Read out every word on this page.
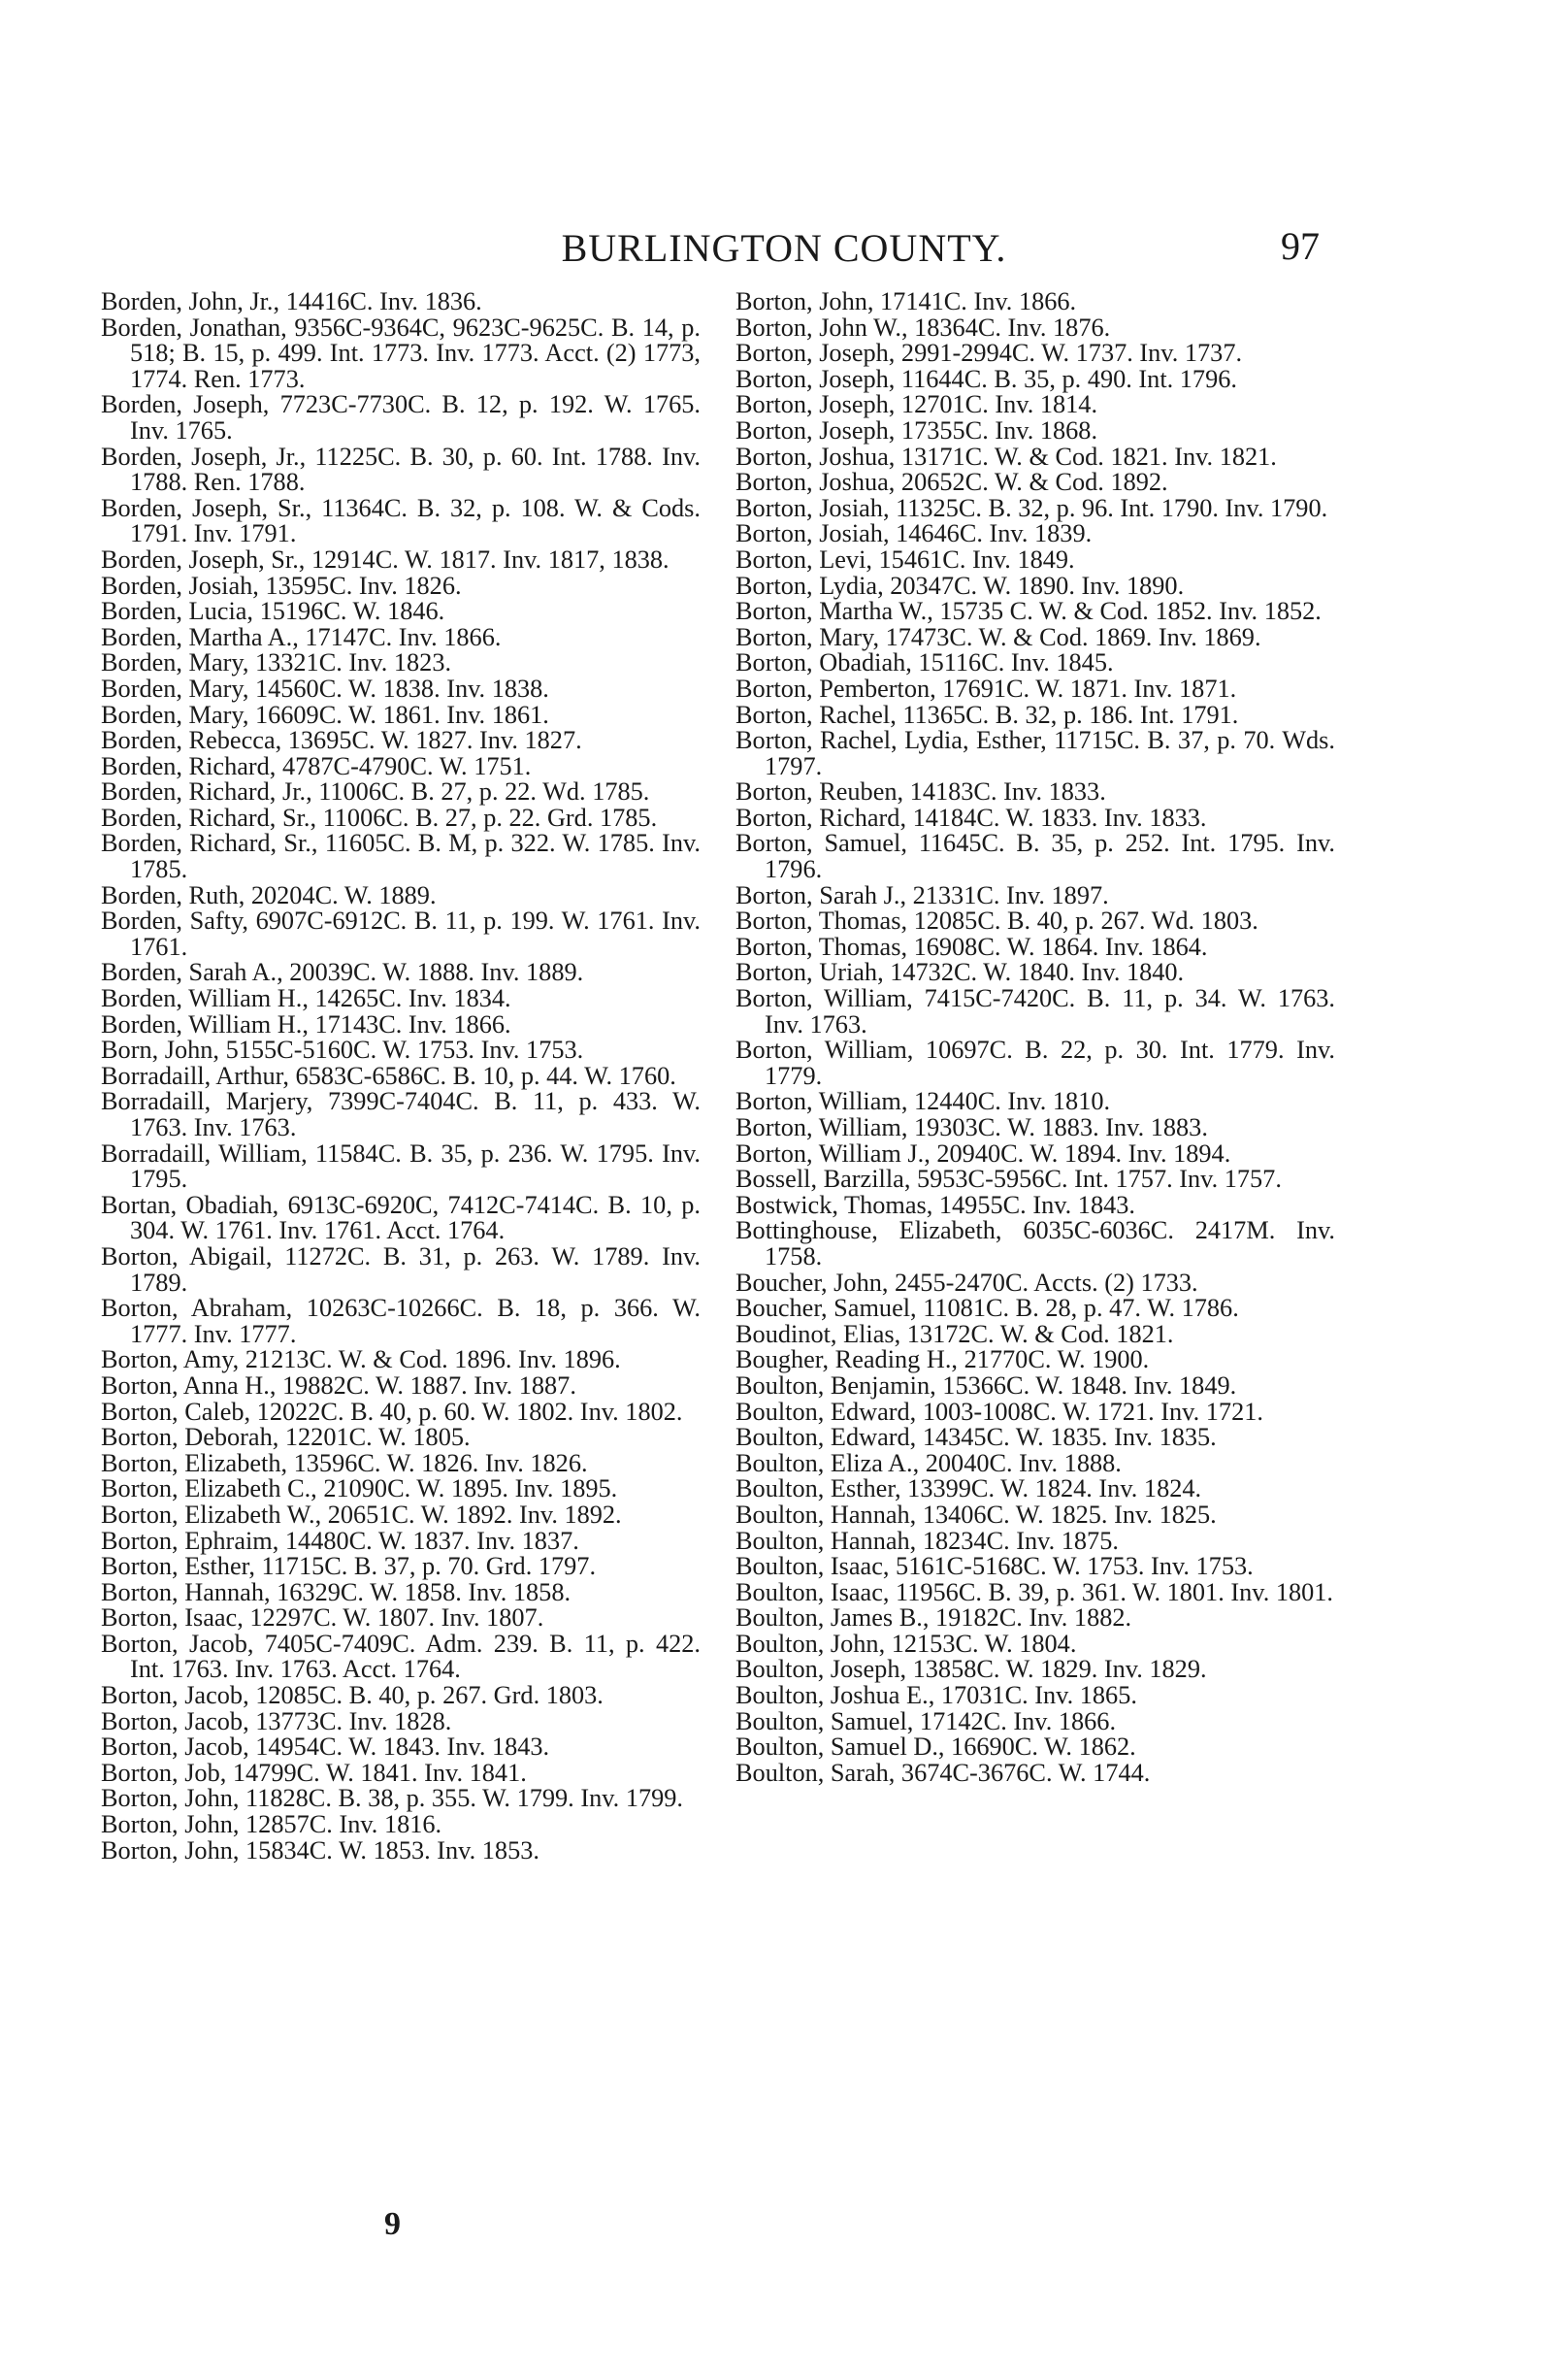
BURLINGTON COUNTY.	97

Borden, John, Jr., 14416C. Inv. 1836.

Borden, Jonathan, 9356C-9364C, 9623C-9625C. B. 14, p. 518; B. 15, p. 499. Int. 1773. Inv. 1773. Acct. (2) 1773, 1774. Ren. 1773.

Borden, Joseph, 7723C-7730C. B. 12, p. 192. W. 1765. Inv. 1765.

Borden, Joseph, Jr., 11225C. B. 30, p. 60. Int. 1788. Inv. 1788. Ren. 1788.

Borden, Joseph, Sr., 11364C. B. 32, p. 108. W. & Cods. 1791. Inv. 1791.

Borden, Joseph, Sr., 12914C. W. 1817. Inv. 1817, 1838.

Borden, Josiah, 13595C. Inv. 1826.

Borden, Lucia, 15196C. W. 1846.

Borden, Martha A., 17147C. Inv. 1866.

Borden, Mary, 13321C. Inv. 1823.

Borden, Mary, 14560C. W. 1838. Inv. 1838.

Borden, Mary, 16609C. W. 1861. Inv. 1861.

Borden, Rebecca, 13695C. W. 1827. Inv. 1827.

Borden, Richard, 4787C-4790C. W. 1751.

Borden, Richard, Jr., 11006C. B. 27, p. 22. Wd. 1785.

Borden, Richard, Sr., 11006C. B. 27, p. 22. Grd. 1785.

Borden, Richard, Sr., 11605C. B. M, p. 322. W. 1785. Inv. 1785.

Borden, Ruth, 20204C. W. 1889.

Borden, Safty, 6907C-6912C. B. 11, p. 199. W. 1761. Inv. 1761.

Borden, Sarah A., 20039C. W. 1888. Inv. 1889.

Borden, William H., 14265C. Inv. 1834.

Borden, William H., 17143C. Inv. 1866.

Born, John, 5155C-5160C. W. 1753. Inv. 1753.

Borradaill, Arthur, 6583C-6586C. B. 10, p. 44. W. 1760.

Borradaill, Marjery, 7399C-7404C. B. 11, p. 433. W. 1763. Inv. 1763.

Borradaill, William, 11584C. B. 35, p. 236. W. 1795. Inv. 1795.

Bortan, Obadiah, 6913C-6920C, 7412C-7414C. B. 10, p. 304. W. 1761. Inv. 1761. Acct. 1764.

Borton, Abigail, 11272C. B. 31, p. 263. W. 1789. Inv. 1789.

Borton, Abraham, 10263C-10266C. B. 18, p. 366. W. 1777. Inv. 1777.

Borton, Amy, 21213C. W. & Cod. 1896. Inv. 1896.

Borton, Anna H., 19882C. W. 1887. Inv. 1887.

Borton, Caleb, 12022C. B. 40, p. 60. W. 1802. Inv. 1802.

Borton, Deborah, 12201C. W. 1805.

Borton, Elizabeth, 13596C. W. 1826. Inv. 1826.

Borton, Elizabeth C., 21090C. W. 1895. Inv. 1895.

Borton, Elizabeth W., 20651C. W. 1892. Inv. 1892.

Borton, Ephraim, 14480C. W. 1837. Inv. 1837.

Borton, Esther, 11715C. B. 37, p. 70. Grd. 1797.

Borton, Hannah, 16329C. W. 1858. Inv. 1858.

Borton, Isaac, 12297C. W. 1807. Inv. 1807.

Borton, Jacob, 7405C-7409C. Adm. 239. B. 11, p. 422. Int. 1763. Inv. 1763. Acct. 1764.

Borton, Jacob, 12085C. B. 40, p. 267. Grd. 1803.

Borton, Jacob, 13773C. Inv. 1828.

Borton, Jacob, 14954C. W. 1843. Inv. 1843.

Borton, Job, 14799C. W. 1841. Inv. 1841.

Borton, John, 11828C. B. 38, p. 355. W. 1799. Inv. 1799.

Borton, John, 12857C. Inv. 1816.

Borton, John, 15834C. W. 1853. Inv. 1853.

Borton, John, 17141C. Inv. 1866.

Borton, John W., 18364C. Inv. 1876.

Borton, Joseph, 2991-2994C. W. 1737. Inv. 1737.

Borton, Joseph, 11644C. B. 35, p. 490. Int. 1796.

Borton, Joseph, 12701C. Inv. 1814.

Borton, Joseph, 17355C. Inv. 1868.

Borton, Joshua, 13171C. W. & Cod. 1821. Inv. 1821.

Borton, Joshua, 20652C. W. & Cod. 1892.

Borton, Josiah, 11325C. B. 32, p. 96. Int. 1790. Inv. 1790.

Borton, Josiah, 14646C. Inv. 1839.

Borton, Levi, 15461C. Inv. 1849.

Borton, Lydia, 20347C. W. 1890. Inv. 1890.

Borton, Martha W., 15735 C. W. & Cod. 1852. Inv. 1852.

Borton, Mary, 17473C. W. & Cod. 1869. Inv. 1869.

Borton, Obadiah, 15116C. Inv. 1845.

Borton, Pemberton, 17691C. W. 1871. Inv. 1871.

Borton, Rachel, 11365C. B. 32, p. 186. Int. 1791.

Borton, Rachel, Lydia, Esther, 11715C. B. 37, p. 70. Wds. 1797.

Borton, Reuben, 14183C. Inv. 1833.

Borton, Richard, 14184C. W. 1833. Inv. 1833.

Borton, Samuel, 11645C. B. 35, p. 252. Int. 1795. Inv. 1796.

Borton, Sarah J., 21331C. Inv. 1897.

Borton, Thomas, 12085C. B. 40, p. 267. Wd. 1803.

Borton, Thomas, 16908C. W. 1864. Inv. 1864.

Borton, Uriah, 14732C. W. 1840. Inv. 1840.

Borton, William, 7415C-7420C. B. 11, p. 34. W. 1763. Inv. 1763.

Borton, William, 10697C. B. 22, p. 30. Int. 1779. Inv. 1779.

Borton, William, 12440C. Inv. 1810.

Borton, William, 19303C. W. 1883. Inv. 1883.

Borton, William J., 20940C. W. 1894. Inv. 1894.

Bossell, Barzilla, 5953C-5956C. Int. 1757. Inv. 1757.

Bostwick, Thomas, 14955C. Inv. 1843.

Bottinghouse, Elizabeth, 6035C-6036C. 2417M. Inv. 1758.

Boucher, John, 2455-2470C. Accts. (2) 1733.

Boucher, Samuel, 11081C. B. 28, p. 47. W. 1786.

Boudinot, Elias, 13172C. W. & Cod. 1821.

Bougher, Reading H., 21770C. W. 1900.

Boulton, Benjamin, 15366C. W. 1848. Inv. 1849.

Boulton, Edward, 1003-1008C. W. 1721. Inv. 1721.

Boulton, Edward, 14345C. W. 1835. Inv. 1835.

Boulton, Eliza A., 20040C. Inv. 1888.

Boulton, Esther, 13399C. W. 1824. Inv. 1824.

Boulton, Hannah, 13406C. W. 1825. Inv. 1825.

Boulton, Hannah, 18234C. Inv. 1875.

Boulton, Isaac, 5161C-5168C. W. 1753. Inv. 1753.

Boulton, Isaac, 11956C. B. 39, p. 361. W. 1801. Inv. 1801.

Boulton, James B., 19182C. Inv. 1882.

Boulton, John, 12153C. W. 1804.

Boulton, Joseph, 13858C. W. 1829. Inv. 1829.

Boulton, Joshua E., 17031C. Inv. 1865.

Boulton, Samuel, 17142C. Inv. 1866.

Boulton, Samuel D., 16690C. W. 1862.

Boulton, Sarah, 3674C-3676C. W. 1744.

9
